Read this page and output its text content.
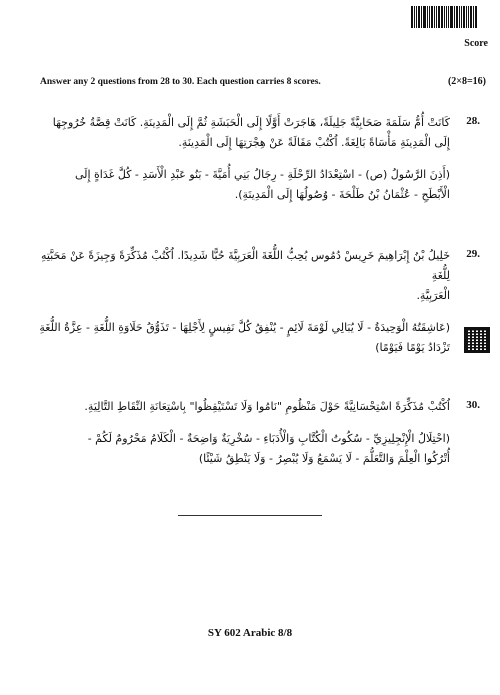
Score
Answer any 2 questions from 28 to 30. Each question carries 8 scores.	(2×8=16)
28.

كَانَتْ أُمُّ سَلَمَةَ صَحَابِيَّةً جَلِيلَةً، هَاجَرَتْ أَوَّلًا إِلَى الْحَبَشَةِ ثُمَّ إِلَى الْمَدِينَةِ. كَانَتْ قِصَّةُ خُرُوجِهَا

إِلَى الْمَدِينَةِ مَأْسَاةً بَالِغَةً. اُكْتُبْ مَقَالَةً عَنْ هِجْرَتِهَا إِلَى الْمَدِينَةِ.

(أَذِنَ الرَّسُولُ (ص) - اسْتِعْدَادُ الرِّحْلَةِ - رِجَالُ بَنِي أُمَيَّةَ - بَنُو عَبْدِ الْأَسَدِ - كُلَّ غَدَاةٍ إِلَى

الْأَبْطَحِ - عُثْمَانُ بْنُ طَلْحَةَ - وُصُولُهَا إِلَى الْمَدِينَةِ).

29.

خَلِيلُ بْنُ إِبْرَاهِيمَ خَرِيسْ دُمُوس يُحِبُّ اللُّغَةَ الْعَرَبِيَّةَ حُبًّا شَدِيدًا. اُكْتُبْ مُذَكِّرَةً وَجِيزَةً عَنْ مَحَبَّتِهِ لِلُّغَةِ

الْعَرَبِيَّةِ.

(عَاشِقَتُهُ الْوَحِيدَةُ - لَا يُبَالِي لَوْمَةَ لَائِمٍ - يُنْفِقُ كُلَّ نَفِيسٍ لِأَجْلِهَا - تَذَوُّقُ حَلَاوَةِ اللُّغَةِ - عِزَّةُ اللُّغَةِ

تَزْدَادُ يَوْمًا فَيَوْمًا)

30.

اُكْتُبْ مُذَكِّرَةً اسْتِحْسَانِيَّةً حَوْلَ مَنْظُومِ "نَامُوا وَلَا تَسْتَيْقِظُوا" بِاسْتِعَانَةِ النِّقَاطِ التَّالِيَةِ.

(احْتِلَالُ الْإِنْجِلِيزِيِّ - سُكُوتُ الْكُتَّابِ وَالْأُدَبَاءِ - سُخْرِيَةٌ وَاضِحَةٌ - الْكَلَامُ مَحْرُومٌ لَكُمْ -

أُتْرُكُوا الْعِلْمَ وَالتَّعَلُّمَ - لَا يَسْمَعُ وَلَا يُبْصِرُ - وَلَا يَنْطِقُ شَيْئًا)

SY 602 Arabic 8/8
